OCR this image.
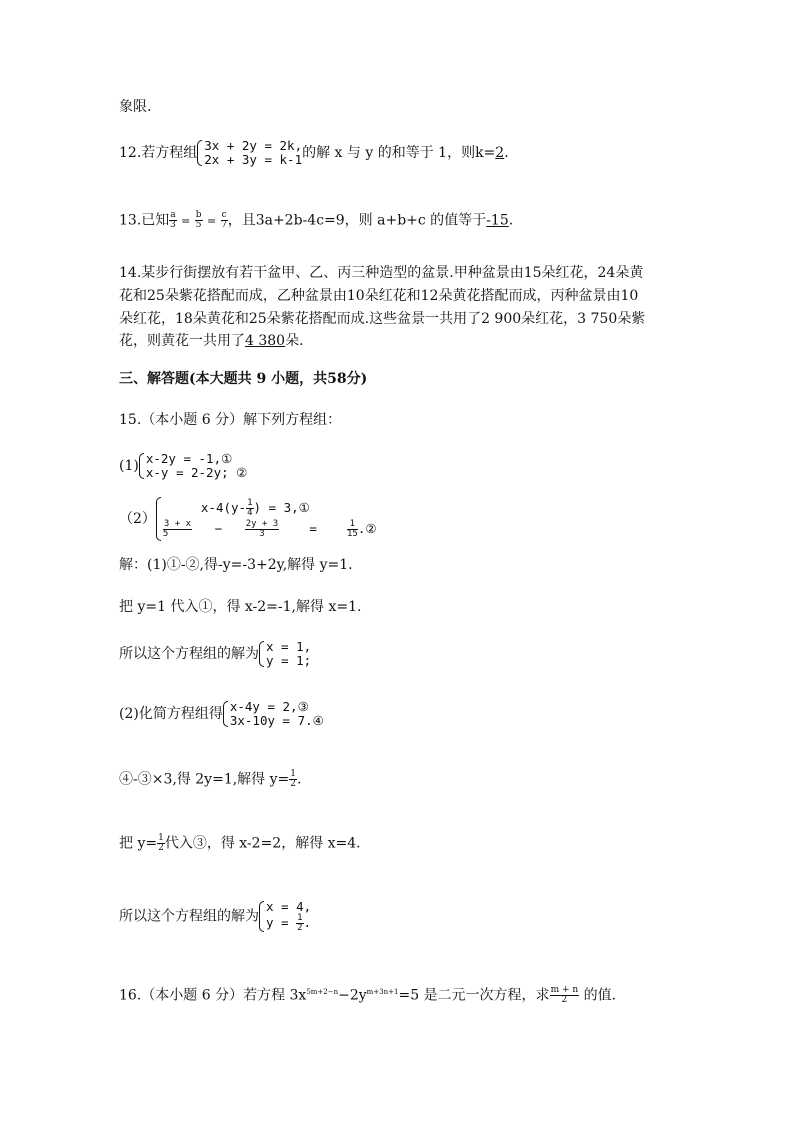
象限.
12.若方程组 3x + 2y = 2k,
2x + 3y = k-1 的解 x 与 y 的和等于 1，则k=2.
13.已知 $\frac{a}{3} = \frac{b}{5} = \frac{c}{7}$ ，且3a+2b-4c=9，则 a+b+c 的值等于-15.
14.某步行街摆放有若干盆甲、乙、丙三种造型的盆景.甲种盆景由15朵红花，24朵黄
花和25朵紫花搭配而成，乙种盆景由10朵红花和12朵黄花搭配而成，丙种盆景由10
朵红花，18朵黄花和25朵紫花搭配而成.这些盆景一共用了2 900朵红花，3 750朵紫
花，则黄花一共用了4 380朵.
三、解答题(本大题共 9 小题，共58分)
15.（本小题 6 分）解下列方程组：
(1) x-2y = -1,①
x-y = 2-2y; ②
（2）
$x-4(y- \frac{1}{4}$ ) = 3,①
$\frac{3 + x}{5}$ −	$\frac{2y + 3}{3}$ =	$\frac{1}{15}$ .②
解：(1)①-②,得-y=-3+2y,解得 y=1.
把 y=1 代入①，得 x-2=-1,解得 x=1.
所以这个方程组的解为 x = 1,
y = 1;
(2)化简方程组得 x-4y = 2,③
3x-10y = 7.④
④-③×3,得 2y=1,解得 $y= \frac{1}{2}$ .
把 $y= \frac{1}{2}$ 代入③，得 x-2=2，解得 x=4.
所以这个方程组的解为
x = 4,
$y = \frac{1}{2}$ .
16.（本小题 6 分）若方程 $3x^{5m+2-n}-2y^{m+3n+1}=5$ 是二元一次方程，求 $\frac{m + n}{2}$ 的值.
